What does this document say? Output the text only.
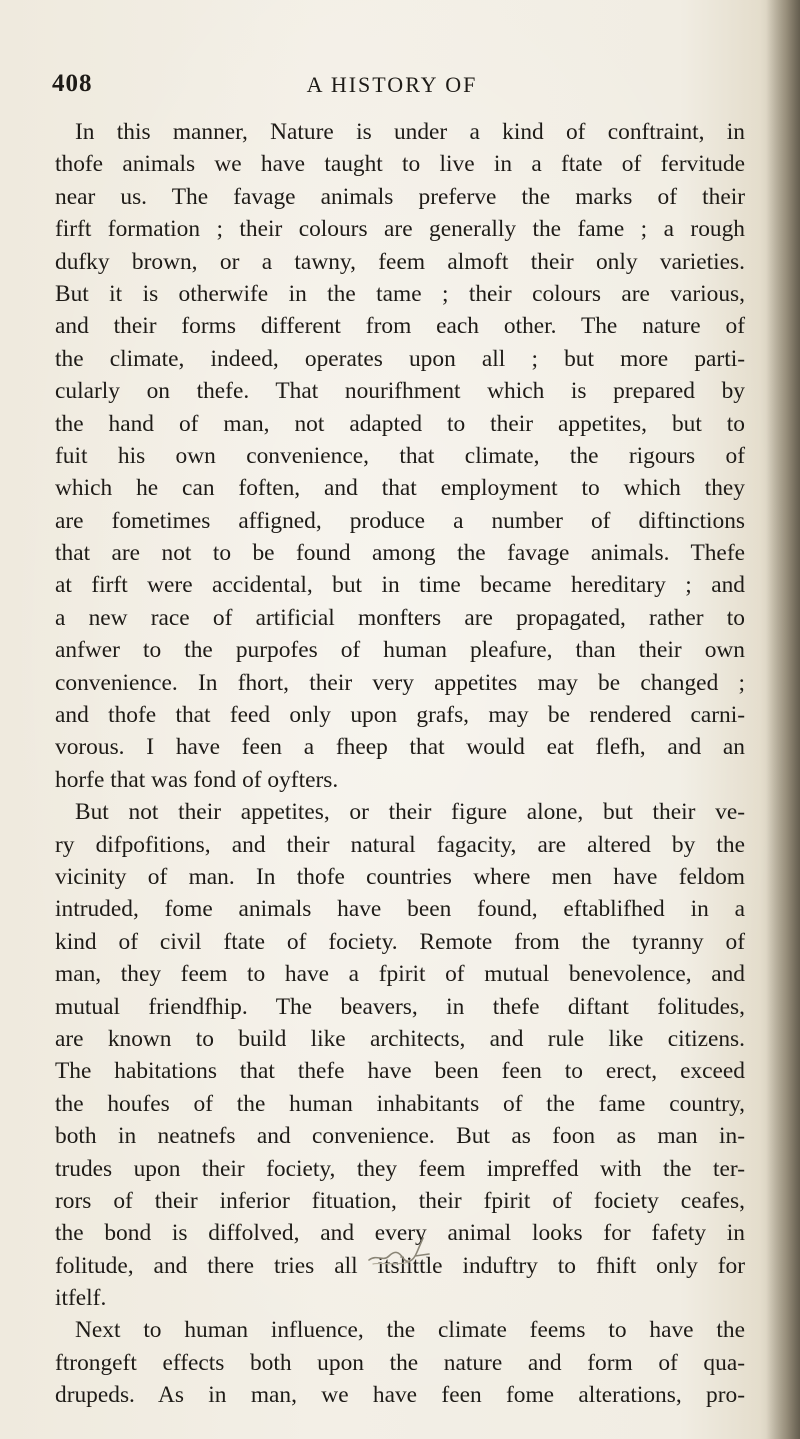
408	A HISTORY OF
In this manner, Nature is under a kind of conftraint, in
thofe animals we have taught to live in a ftate of fervitude
near us. The favage animals preferve the marks of their
firft formation ; their colours are generally the fame ; a rough
dufky brown, or a tawny, feem almoft their only varieties.
But it is otherwife in the tame ; their colours are various,
and their forms different from each other. The nature of
the climate, indeed, operates upon all ; but more parti-
cularly on thefe. That nourifhment which is prepared by
the hand of man, not adapted to their appetites, but to
fuit his own convenience, that climate, the rigours of
which he can foften, and that employment to which they
are fometimes affigned, produce a number of diftinctions
that are not to be found among the favage animals. Thefe
at firft were accidental, but in time became hereditary ; and
a new race of artificial monfters are propagated, rather to
anfwer to the purpofes of human pleafure, than their own
convenience. In fhort, their very appetites may be changed ;
and thofe that feed only upon grafs, may be rendered carni-
vorous. I have feen a fheep that would eat flefh, and an
horfe that was fond of oyfters.
But not their appetites, or their figure alone, but their ve-
ry difpofitions, and their natural fagacity, are altered by the
vicinity of man. In thofe countries where men have feldom
intruded, fome animals have been found, eftablifhed in a
kind of civil ftate of fociety. Remote from the tyranny of
man, they feem to have a fpirit of mutual benevolence, and
mutual friendfhip. The beavers, in thefe diftant folitudes,
are known to build like architects, and rule like citizens.
The habitations that thefe have been feen to erect, exceed
the houfes of the human inhabitants of the fame country,
both in neatnefs and convenience. But as foon as man in-
trudes upon their fociety, they feem impreffed with the ter-
rors of their inferior fituation, their fpirit of fociety ceafes,
the bond is diffolved, and every animal looks for fafety in
folitude, and there tries all itslittle induftry to fhift only for
itfelf.
Next to human influence, the climate feems to have the
ftrongeft effects both upon the nature and form of qua-
drupeds. As in man, we have feen fome alterations, pro-
